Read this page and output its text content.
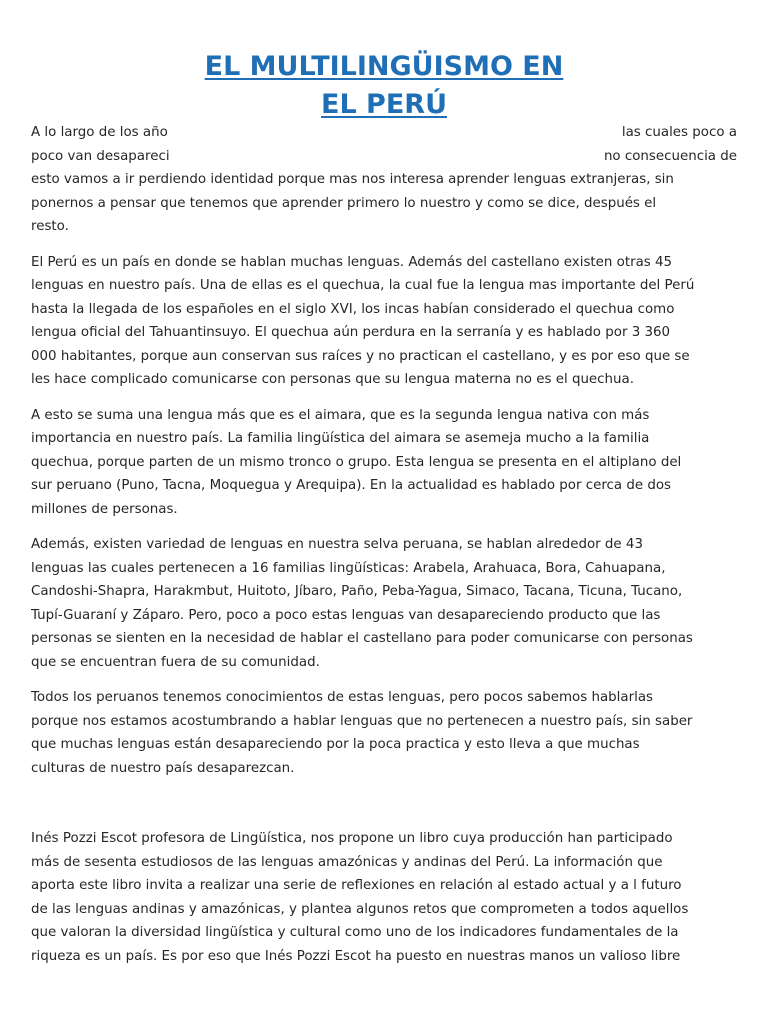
EL MULTILINGÜISMO EN
EL PERÚ

A lo largo de los año	las cuales poco a
poco van desapareci	no consecuencia de
esto vamos a ir perdiendo identidad porque mas nos interesa aprender lenguas extranjeras, sin
ponernos a pensar que tenemos que aprender primero lo nuestro y como se dice, después el
resto.

El Perú es un país en donde se hablan muchas lenguas. Además del castellano existen otras 45
lenguas en nuestro país. Una de ellas es el quechua, la cual fue la lengua mas importante del Perú
hasta la llegada de los españoles en el siglo XVI, los incas habían considerado el quechua como
lengua oficial del Tahuantinsuyo. El quechua aún perdura en la serranía y es hablado por 3 360
000 habitantes, porque aun conservan sus raíces y no practican el castellano, y es por eso que se
les hace complicado comunicarse con personas que su lengua materna no es el quechua.

A esto se suma una lengua más que es el aimara, que es la segunda lengua nativa con más
importancia en nuestro país. La familia lingüística del aimara se asemeja mucho a la familia
quechua, porque parten de un mismo tronco o grupo. Esta lengua se presenta en el altiplano del
sur peruano (Puno, Tacna, Moquegua y Arequipa). En la actualidad es hablado por cerca de dos
millones de personas.

Además, existen variedad de lenguas en nuestra selva peruana, se hablan alrededor de 43
lenguas las cuales pertenecen a 16 familias lingüísticas: Arabela, Arahuaca, Bora, Cahuapana,
Candoshi-Shapra, Harakmbut, Huitoto, Jíbaro, Paño, Peba-Yagua, Simaco, Tacana, Ticuna, Tucano,
Tupí-Guaraní y Záparo. Pero, poco a poco estas lenguas van desapareciendo producto que las
personas se sienten en la necesidad de hablar el castellano para poder comunicarse con personas
que se encuentran fuera de su comunidad.

Todos los peruanos tenemos conocimientos de estas lenguas, pero pocos sabemos hablarlas
porque nos estamos acostumbrando a hablar lenguas que no pertenecen a nuestro país, sin saber
que muchas lenguas están desapareciendo por la poca practica y esto lleva a que muchas
culturas de nuestro país desaparezcan.

Inés Pozzi Escot profesora de Lingüística, nos propone un libro cuya producción han participado
más de sesenta estudiosos de las lenguas amazónicas y andinas del Perú. La información que
aporta este libro invita a realizar una serie de reflexiones en relación al estado actual y a l futuro
de las lenguas andinas y amazónicas, y plantea algunos retos que comprometen a todos aquellos
que valoran la diversidad lingüística y cultural como uno de los indicadores fundamentales de la
riqueza es un país. Es por eso que Inés Pozzi Escot ha puesto en nuestras manos un valioso libre
